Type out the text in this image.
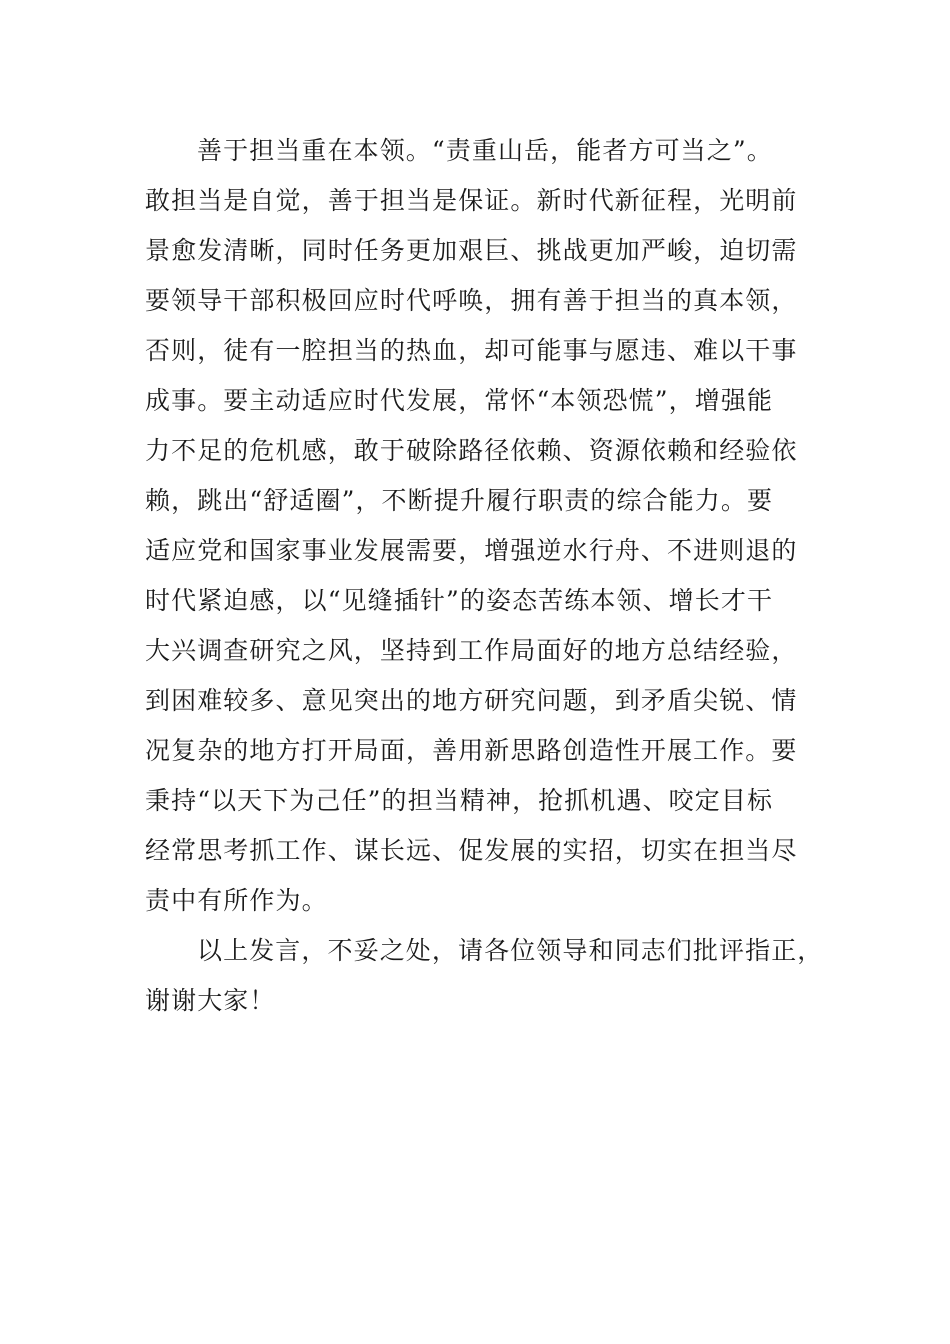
善于担当重在本领。“责重山岳，能者方可当之”。
敢担当是自觉，善于担当是保证。新时代新征程，光明前
景愈发清晰，同时任务更加艰巨、挑战更加严峻，迫切需
要领导干部积极回应时代呼唤，拥有善于担当的真本领，
否则，徒有一腔担当的热血，却可能事与愿违、难以干事
成事。要主动适应时代发展，常怀“本领恐慌”，增强能
力不足的危机感，敢于破除路径依赖、资源依赖和经验依
赖，跳出“舒适圈”，不断提升履行职责的综合能力。要
适应党和国家事业发展需要，增强逆水行舟、不进则退的
时代紧迫感，以“见缝插针”的姿态苦练本领、增长才干
大兴调查研究之风，坚持到工作局面好的地方总结经验，
到困难较多、意见突出的地方研究问题，到矛盾尖锐、情
况复杂的地方打开局面，善用新思路创造性开展工作。要
秉持“以天下为己任”的担当精神，抢抓机遇、咬定目标
经常思考抓工作、谋长远、促发展的实招，切实在担当尽
责中有所作为。
以上发言，不妥之处，请各位领导和同志们批评指正，
谢谢大家！
